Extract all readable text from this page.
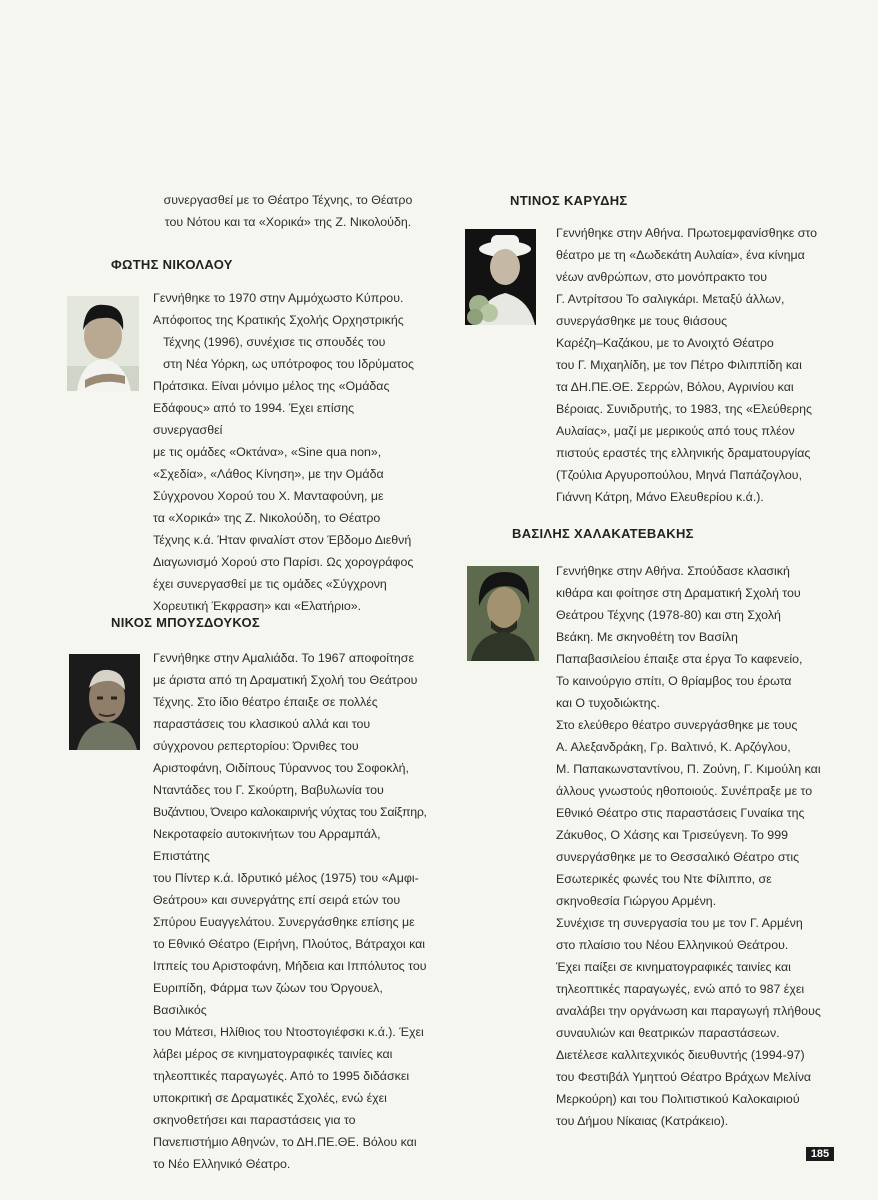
συνεργασθεί με το Θέατρο Τέχνης, το Θέατρο
του Νότου και τα «Χορικά» της Ζ. Νικολούδη.
ΦΩΤΗΣ ΝΙΚΟΛΑΟΥ

Γεννήθηκε το 1970 στην Αμμόχωστο Κύπρου.

Απόφοιτος της Κρατικής Σχολής Ορχηστρικής

Τέχνης (1996), συνέχισε τις σπουδές του

στη Νέα Υόρκη, ως υπότροφος του Ιδρύματος

Πράτσικα. Είναι μόνιμο μέλος της «Ομάδας

Εδάφους» από το 1994. Έχει επίσης συνεργασθεί

με τις ομάδες «Οκτάνα», «Sine qua non»,

«Σχεδία», «Λάθος Κίνηση», με την Ομάδα

Σύγχρονου Χορού του Χ. Μανταφούνη, με

τα «Χορικά» της Ζ. Νικολούδη, το Θέατρο

Τέχνης κ.ά. Ήταν φιναλίστ στον Έβδομο Διεθνή

Διαγωνισμό Χορού στο Παρίσι. Ως χορογράφος

έχει συνεργασθεί με τις ομάδες «Σύγχρονη

Χορευτική Έκφραση» και «Ελατήριο».

ΝΙΚΟΣ ΜΠΟΥΣΔΟΥΚΟΣ

Γεννήθηκε στην Αμαλιάδα. Το 1967 αποφοίτησε

με άριστα από τη Δραματική Σχολή του Θεάτρου

Τέχνης. Στο ίδιο θέατρο έπαιξε σε πολλές

παραστάσεις του κλασικού αλλά και του

σύγχρονου ρεπερτορίου: Όρνιθες του

Αριστοφάνη, Οιδίπους Τύραννος του Σοφοκλή,

Νταντάδες του Γ. Σκούρτη, Βαβυλωνία του

Βυζάντιου, Όνειρο καλοκαιρινής νύχτας του Σαίξπηρ,

Νεκροταφείο αυτοκινήτων του Αρραμπάλ, Επιστάτης

του Πίντερ κ.ά. Ιδρυτικό μέλος (1975) του «Αμφι-

Θεάτρου» και συνεργάτης επί σειρά ετών του

Σπύρου Ευαγγελάτου. Συνεργάσθηκε επίσης με

το Εθνικό Θέατρο (Ειρήνη, Πλούτος, Βάτραχοι και

Ιππείς του Αριστοφάνη, Μήδεια και Ιππόλυτος του

Ευριπίδη, Φάρμα των ζώων του Όργουελ, Βασιλικός

του Μάτεσι, Ηλίθιος του Ντοστογιέφσκι κ.ά.). Έχει

λάβει μέρος σε κινηματογραφικές ταινίες και

τηλεοπτικές παραγωγές. Από το 1995 διδάσκει

υποκριτική σε Δραματικές Σχολές, ενώ έχει

σκηνοθετήσει και παραστάσεις για το

Πανεπιστήμιο Αθηνών, το ΔΗ.ΠΕ.ΘΕ. Βόλου και

το Νέο Ελληνικό Θέατρο.

ΝΤΙΝΟΣ ΚΑΡΥΔΗΣ

Γεννήθηκε στην Αθήνα. Πρωτοεμφανίσθηκε στο

θέατρο με τη «Δωδεκάτη Αυλαία», ένα κίνημα

νέων ανθρώπων, στο μονόπρακτο του

Γ. Αντρίτσου Το σαλιγκάρι. Μεταξύ άλλων,

συνεργάσθηκε με τους θιάσους

Καρέζη–Καζάκου, με το Ανοιχτό Θέατρο

του Γ. Μιχαηλίδη, με τον Πέτρο Φιλιππίδη και

τα ΔΗ.ΠΕ.ΘΕ. Σερρών, Βόλου, Αγρινίου και

Βέροιας. Συνιδρυτής, το 1983, της «Ελεύθερης

Αυλαίας», μαζί με μερικούς από τους πλέον

πιστούς εραστές της ελληνικής δραματουργίας

(Τζούλια Αργυροπούλου, Μηνά Παπάζογλου,

Γιάννη Κάτρη, Μάνο Ελευθερίου κ.ά.).

ΒΑΣΙΛΗΣ ΧΑΛΑΚΑΤΕΒΑΚΗΣ

Γεννήθηκε στην Αθήνα. Σπούδασε κλασική

κιθάρα και φοίτησε στη Δραματική Σχολή του

Θεάτρου Τέχνης (1978-80) και στη Σχολή

Βεάκη. Με σκηνοθέτη τον Βασίλη

Παπαβασιλείου έπαιξε στα έργα Το καφενείο,

Το καινούργιο σπίτι, Ο θρίαμβος του έρωτα

και Ο τυχοδιώκτης.

Στο ελεύθερο θέατρο συνεργάσθηκε με τους

Α. Αλεξανδράκη, Γρ. Βαλτινό, Κ. Αρζόγλου,

Μ. Παπακωνσταντίνου, Π. Ζούνη, Γ. Κιμούλη και

άλλους γνωστούς ηθοποιούς. Συνέπραξε με το

Εθνικό Θέατρο στις παραστάσεις Γυναίκα της

Ζάκυθος, Ο Χάσης και Τρισεύγενη. Το 999

συνεργάσθηκε με το Θεσσαλικό Θέατρο στις

Εσωτερικές φωνές του Ντε Φίλιππο, σε

σκηνοθεσία Γιώργου Αρμένη.

Συνέχισε τη συνεργασία του με τον Γ. Αρμένη

στο πλαίσιο του Νέου Ελληνικού Θεάτρου.

Έχει παίξει σε κινηματογραφικές ταινίες και

τηλεοπτικές παραγωγές, ενώ από το 987 έχει

αναλάβει την οργάνωση και παραγωγή πλήθους

συναυλιών και θεατρικών παραστάσεων.

Διετέλεσε καλλιτεχνικός διευθυντής (1994-97)

του Φεστιβάλ Υμηττού Θέατρο Βράχων Μελίνα

Μερκούρη) και του Πολιτιστικού Καλοκαιριού

του Δήμου Νίκαιας (Κατράκειο).

185
